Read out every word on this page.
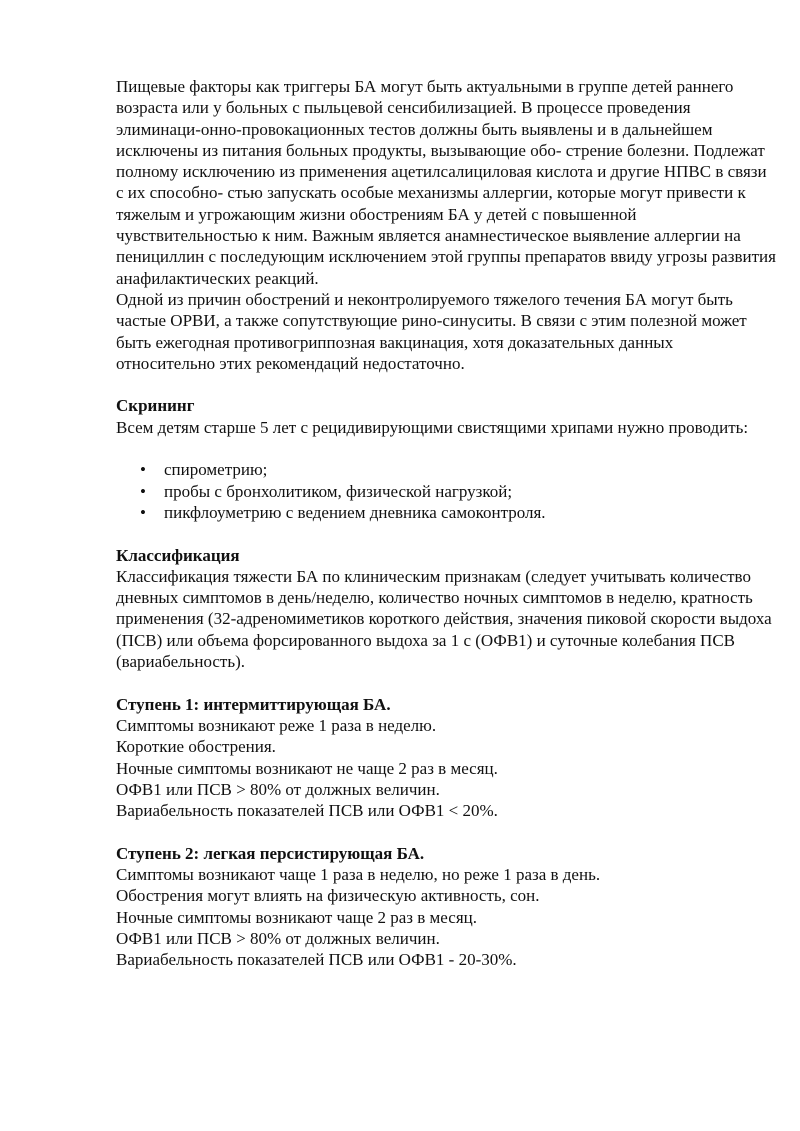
Пищевые факторы как триггеры БА могут быть актуальными в группе детей раннего возраста или у больных с пыльцевой сенсибилизацией. В процессе проведения элиминаци-онно-провокационных тестов должны быть выявлены и в дальнейшем исключены из питания больных продукты, вызывающие обо- стрение болезни. Подлежат полному исключению из применения ацетилсалициловая кислота и другие НПВС в связи с их способно- стью запускать особые механизмы аллергии, которые могут привести к тяжелым и угрожающим жизни обострениям БА у детей с повышенной чувствительностью к ним. Важным является анамнестическое выявление аллергии на пенициллин с последующим исключением этой группы препаратов ввиду угрозы развития анафилактических реакций.

Одной из причин обострений и неконтролируемого тяжелого течения БА могут быть частые ОРВИ, а также сопутствующие рино-синуситы. В связи с этим полезной может быть ежегодная противогриппозная вакцинация, хотя доказательных данных относительно этих рекомендаций недостаточно.

Скрининг

Всем детям старше 5 лет с рецидивирующими свистящими хрипами нужно проводить:

• спирометрию;
• пробы с бронхолитиком, физической нагрузкой;
• пикфлоуметрию с ведением дневника самоконтроля.

Классификация

Классификация тяжести БА по клиническим признакам (следует учитывать количество дневных симптомов в день/неделю, количество ночных симптомов в неделю, кратность применения (32-адреномиметиков короткого действия, значения пиковой скорости выдоха (ПСВ) или объема форсированного выдоха за 1 с (ОФВ1) и суточные колебания ПСВ (вариабельность).

Ступень 1: интермиттирующая БА.

Симптомы возникают реже 1 раза в неделю.

Короткие обострения.

Ночные симптомы возникают не чаще 2 раз в месяц.

ОФВ1 или ПСВ > 80% от должных величин.

Вариабельность показателей ПСВ или ОФВ1 < 20%.

Ступень 2: легкая персистирующая БА.

Симптомы возникают чаще 1 раза в неделю, но реже 1 раза в день.

Обострения могут влиять на физическую активность, сон.

Ночные симптомы возникают чаще 2 раз в месяц.

ОФВ1 или ПСВ > 80% от должных величин.

Вариабельность показателей ПСВ или ОФВ1 - 20-30%.
